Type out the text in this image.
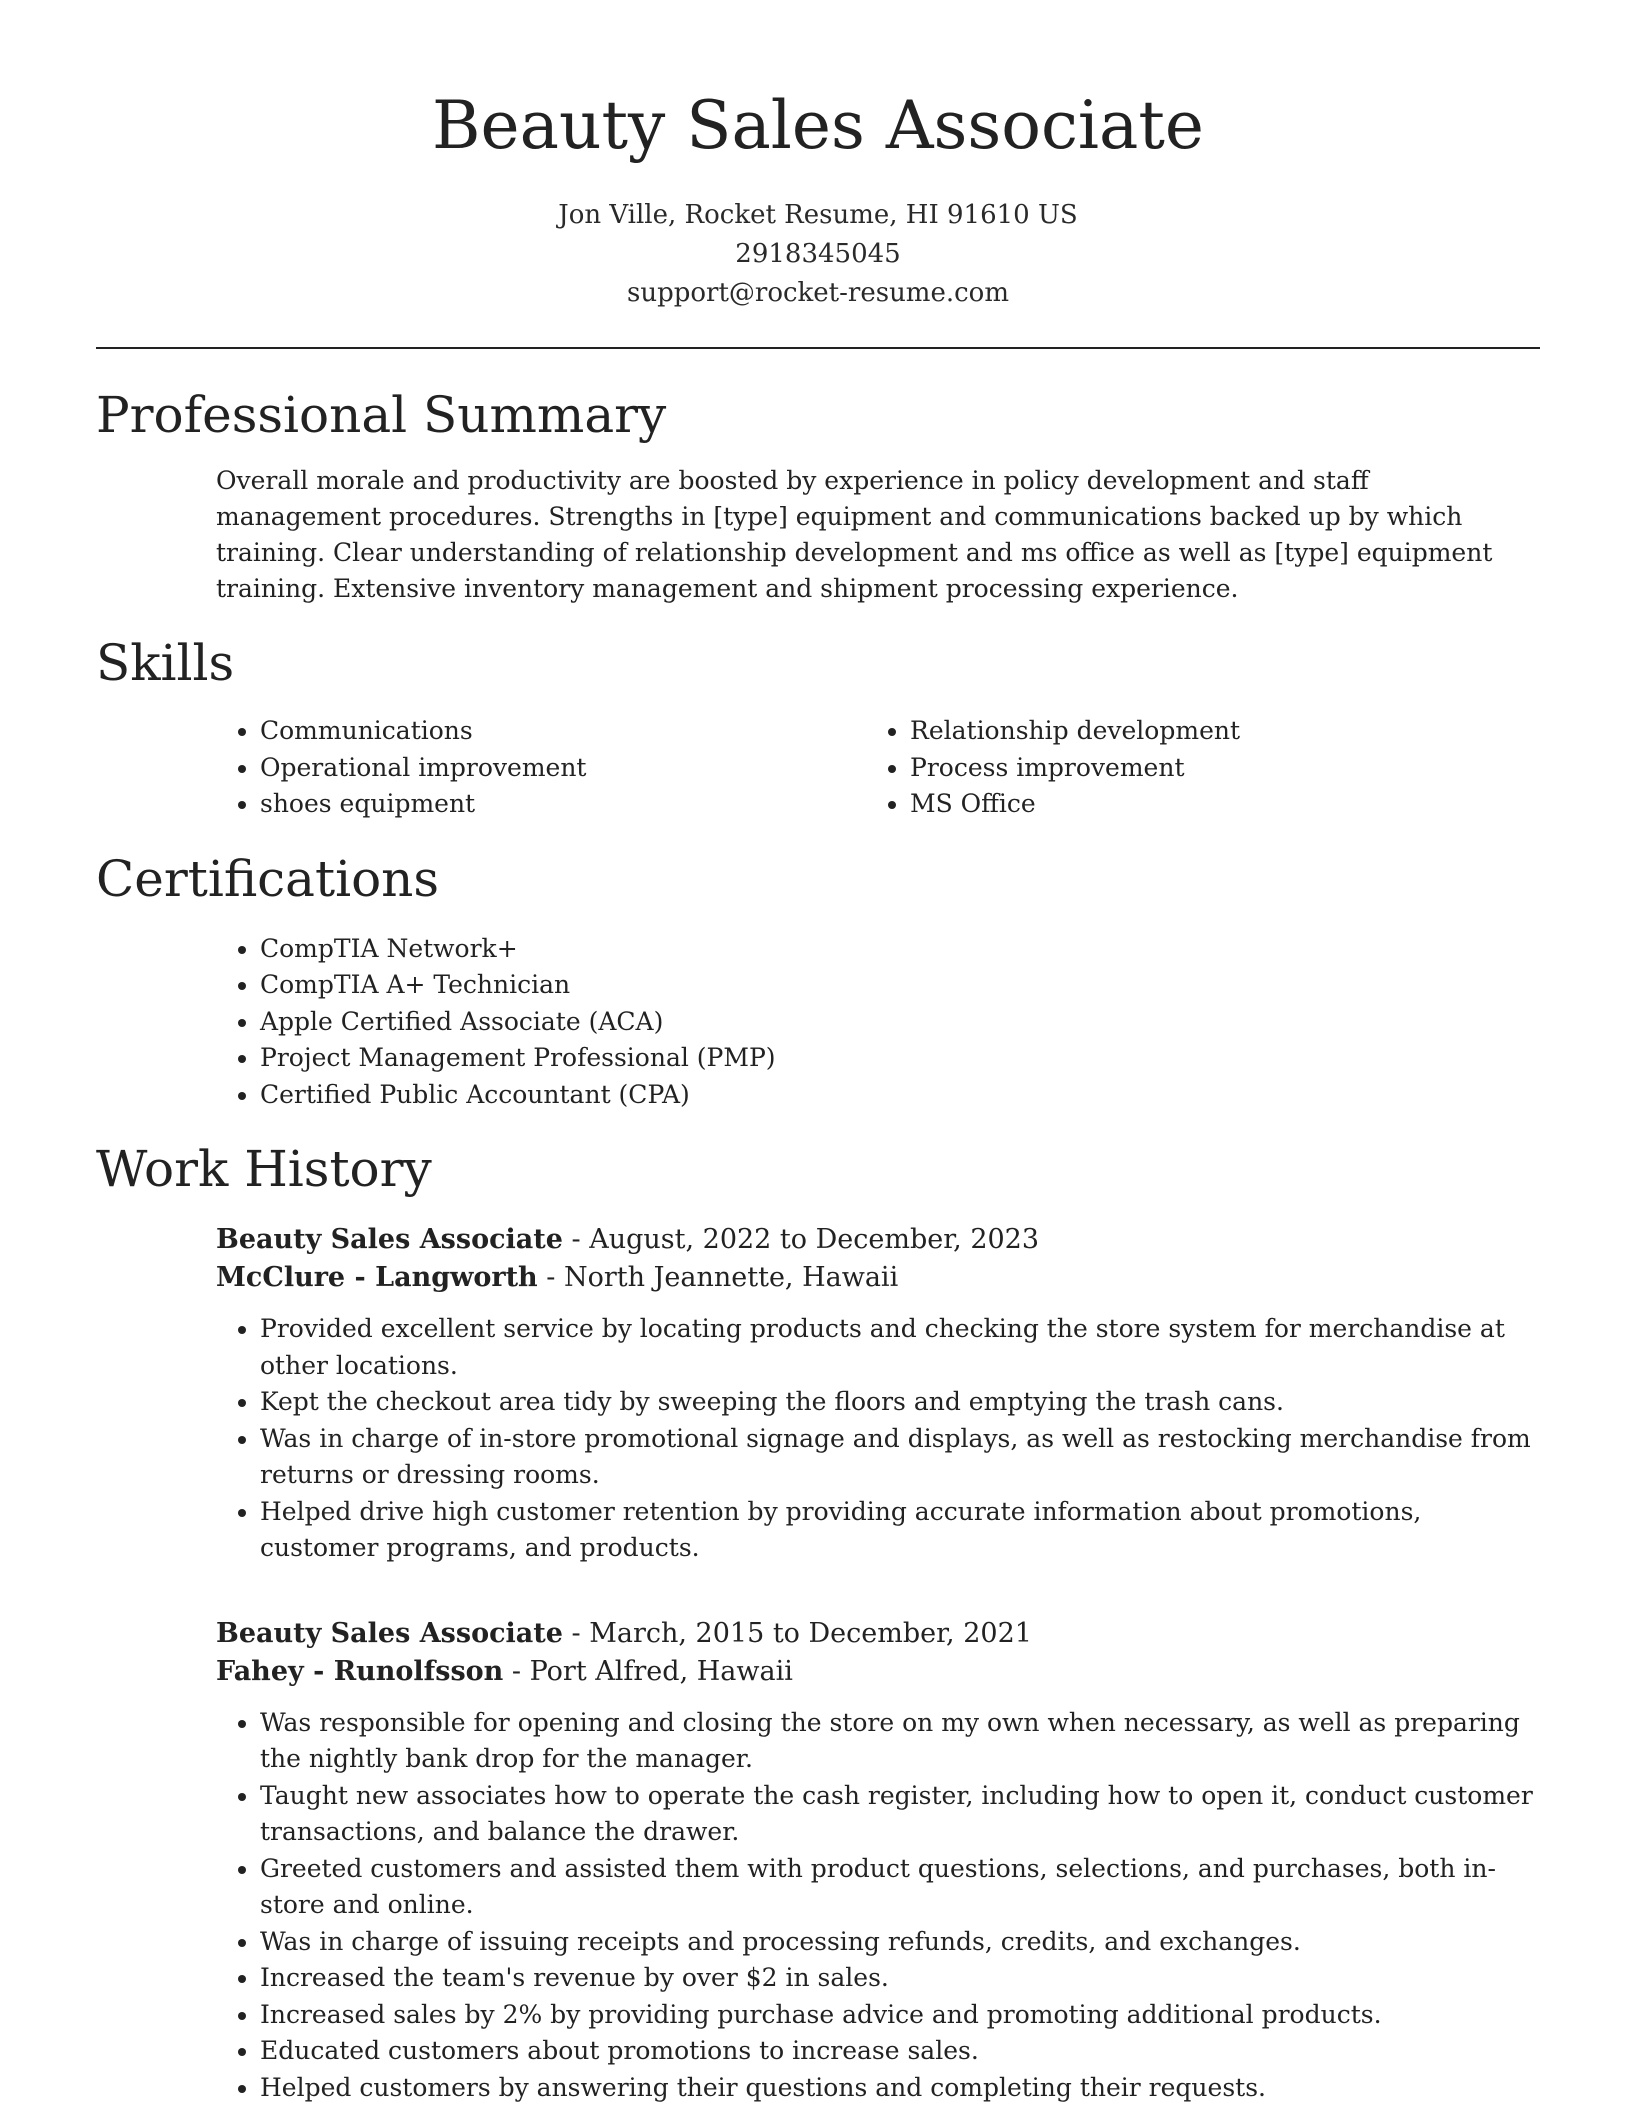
Beauty Sales Associate
Jon Ville, Rocket Resume, HI 91610 US
2918345045
support@rocket-resume.com
Professional Summary

Overall morale and productivity are boosted by experience in policy development and staff management procedures. Strengths in [type] equipment and communications backed up by which training. Clear understanding of relationship development and ms office as well as [type] equipment training. Extensive inventory management and shipment processing experience.

Skills
• Communications
• Operational improvement
• shoes equipment
• Relationship development
• Process improvement
• MS Office
Certifications
• CompTIA Network+
• CompTIA A+ Technician
• Apple Certified Associate (ACA)
• Project Management Professional (PMP)
• Certified Public Accountant (CPA)
Work History
Beauty Sales Associate - August, 2022 to December, 2023
McClure - Langworth - North Jeannette, Hawaii
• Provided excellent service by locating products and checking the store system for merchandise at other locations.
• Kept the checkout area tidy by sweeping the floors and emptying the trash cans.
• Was in charge of in-store promotional signage and displays, as well as restocking merchandise from returns or dressing rooms.
• Helped drive high customer retention by providing accurate information about promotions, customer programs, and products.
Beauty Sales Associate - March, 2015 to December, 2021
Fahey - Runolfsson - Port Alfred, Hawaii
• Was responsible for opening and closing the store on my own when necessary, as well as preparing the nightly bank drop for the manager.
• Taught new associates how to operate the cash register, including how to open it, conduct customer transactions, and balance the drawer.
• Greeted customers and assisted them with product questions, selections, and purchases, both in-store and online.
• Was in charge of issuing receipts and processing refunds, credits, and exchanges.
• Increased the team's revenue by over $2 in sales.
• Increased sales by 2% by providing purchase advice and promoting additional products.
• Educated customers about promotions to increase sales.
• Helped customers by answering their questions and completing their requests.
